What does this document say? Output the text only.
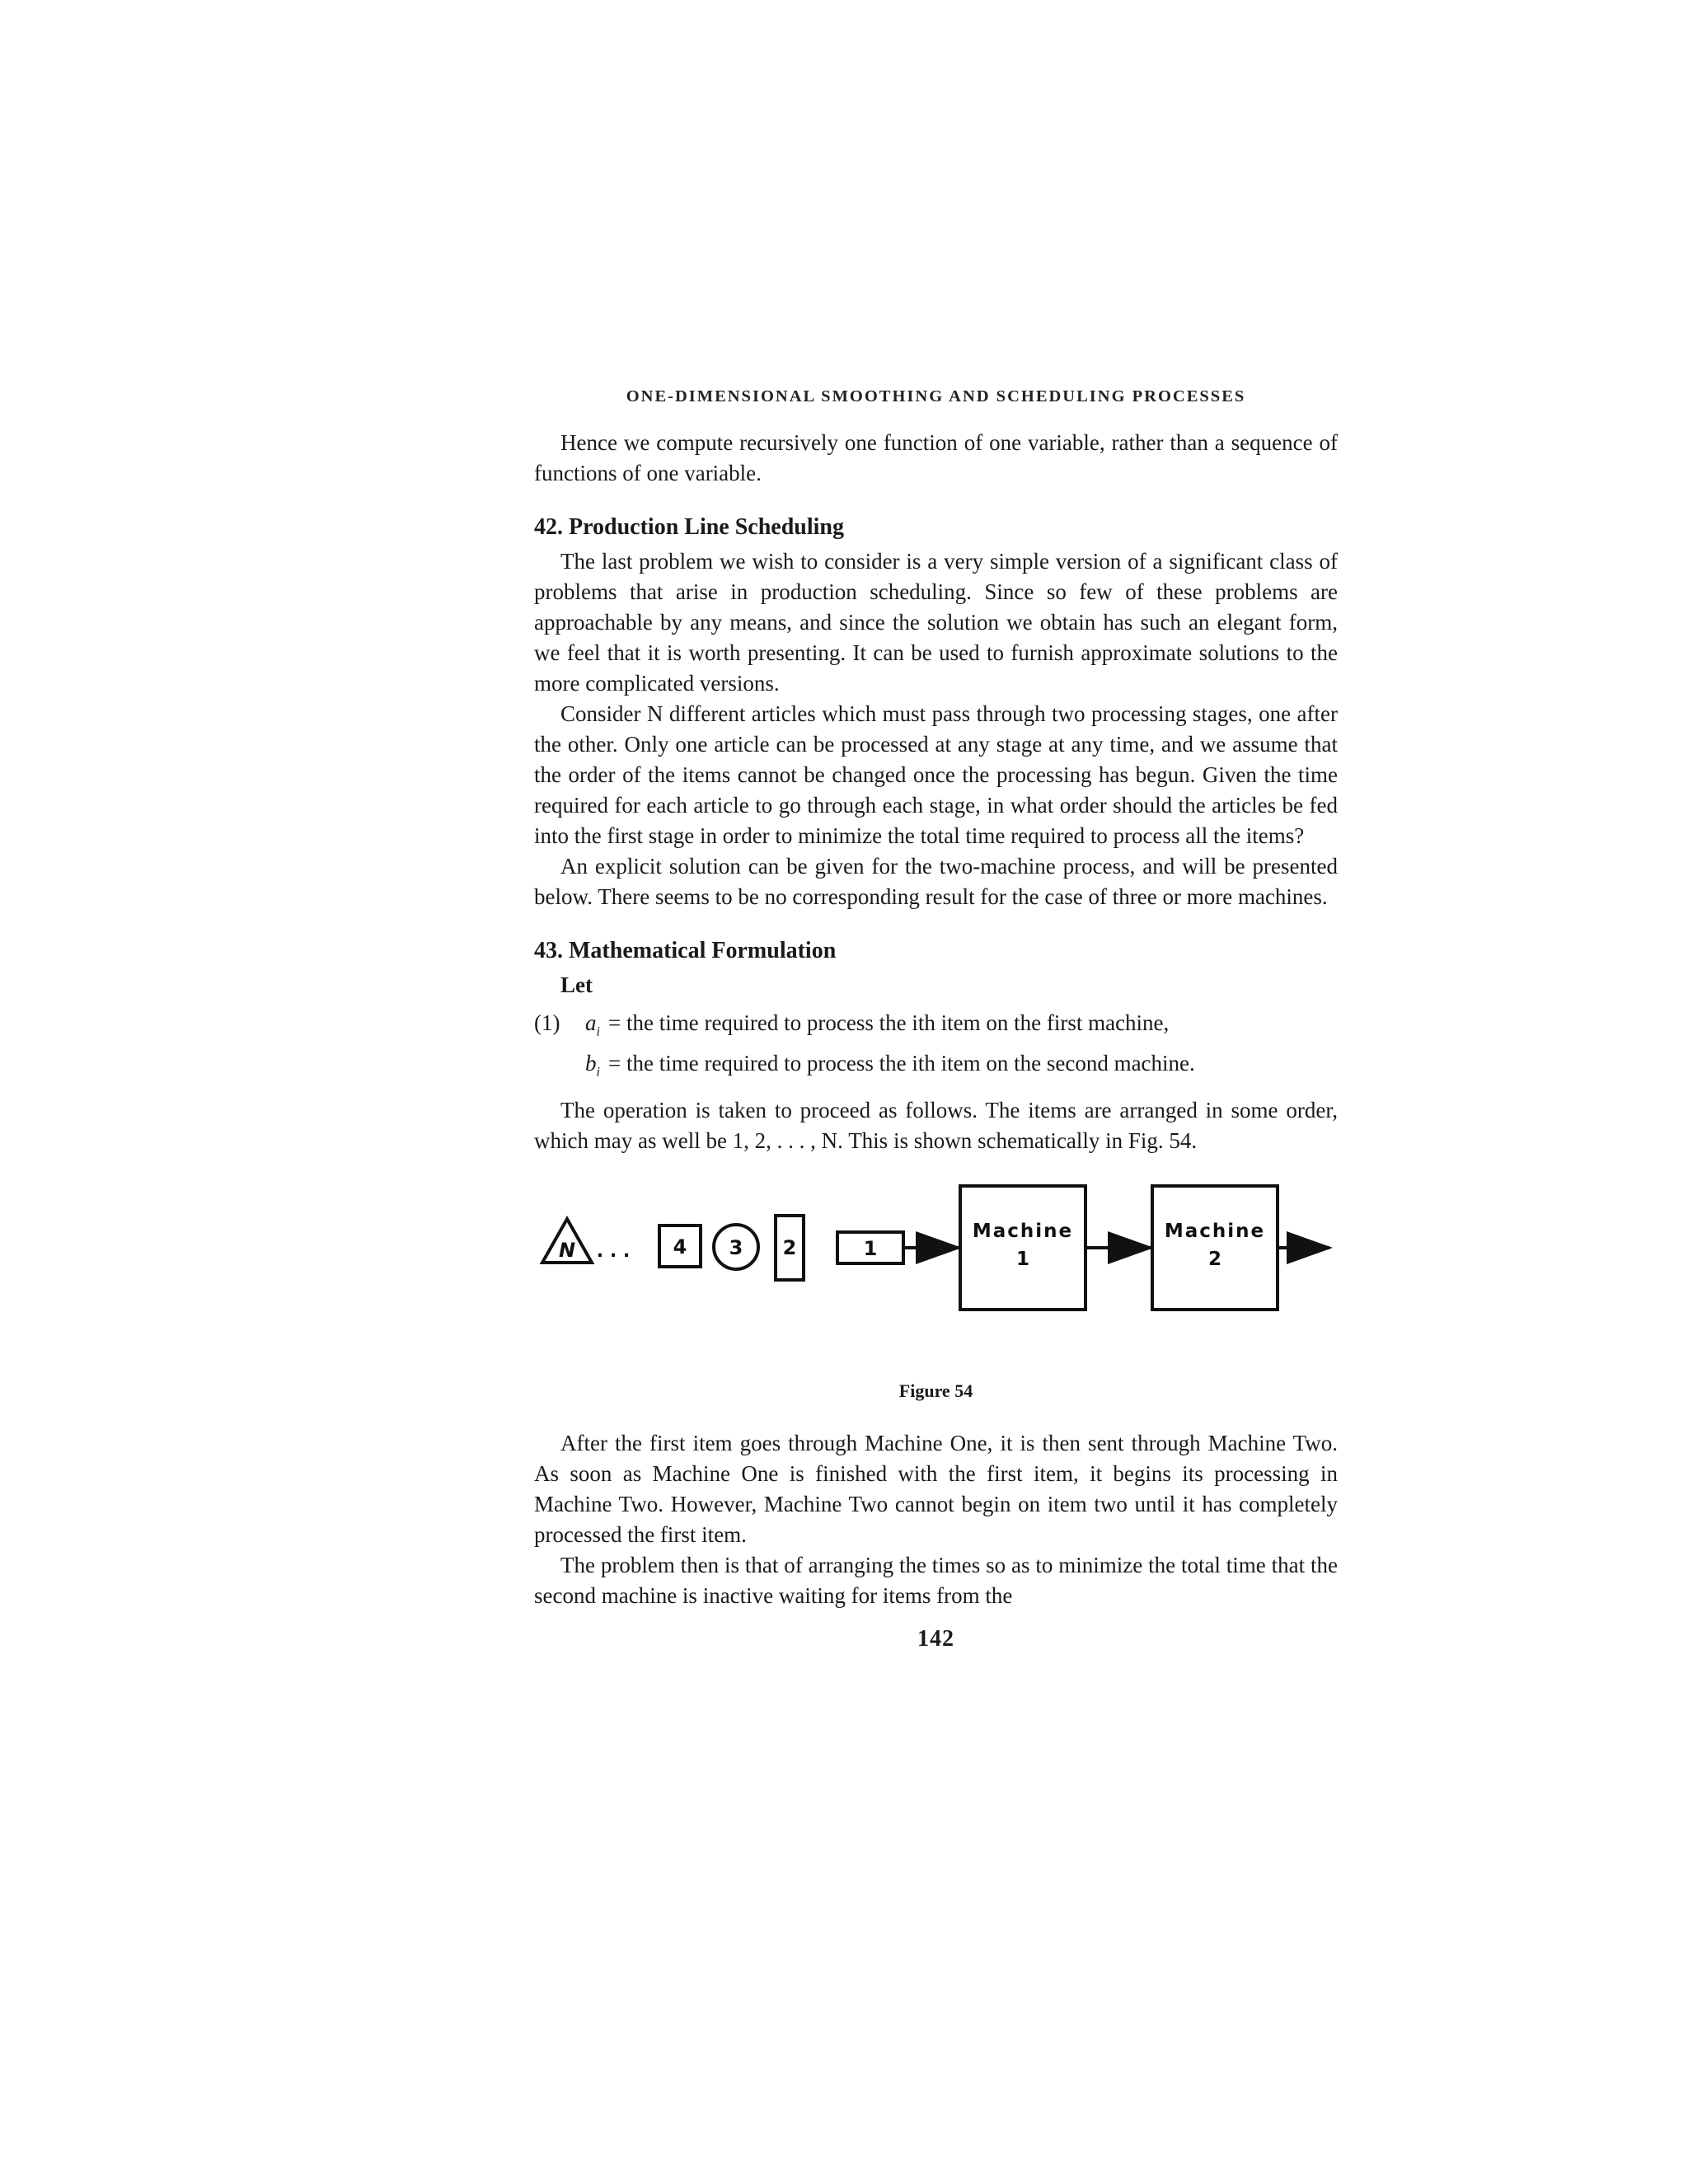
ONE-DIMENSIONAL SMOOTHING AND SCHEDULING PROCESSES

Hence we compute recursively one function of one variable, rather than a sequence of functions of one variable.

42. Production Line Scheduling

The last problem we wish to consider is a very simple version of a significant class of problems that arise in production scheduling. Since so few of these problems are approachable by any means, and since the solution we obtain has such an elegant form, we feel that it is worth presenting. It can be used to furnish approximate solutions to the more complicated versions.

Consider N different articles which must pass through two processing stages, one after the other. Only one article can be processed at any stage at any time, and we assume that the order of the items cannot be changed once the processing has begun. Given the time required for each article to go through each stage, in what order should the articles be fed into the first stage in order to minimize the total time required to process all the items?

An explicit solution can be given for the two-machine process, and will be presented below. There seems to be no corresponding result for the case of three or more machines.

43. Mathematical Formulation
Let
(1)	$a_i$ = the time required to process the ith item on the first machine,
$b_i$ = the time required to process the ith item on the second machine.

The operation is taken to proceed as follows. The items are arranged in some order, which may as well be 1, 2, . . . , N. This is shown schematically in Fig. 54.

N . . . 4 3 2	1
Machine
1
Machine
2
Figure 54

After the first item goes through Machine One, it is then sent through Machine Two. As soon as Machine One is finished with the first item, it begins its processing in Machine Two. However, Machine Two cannot begin on item two until it has completely processed the first item.

The problem then is that of arranging the times so as to minimize the total time that the second machine is inactive waiting for items from the

142
